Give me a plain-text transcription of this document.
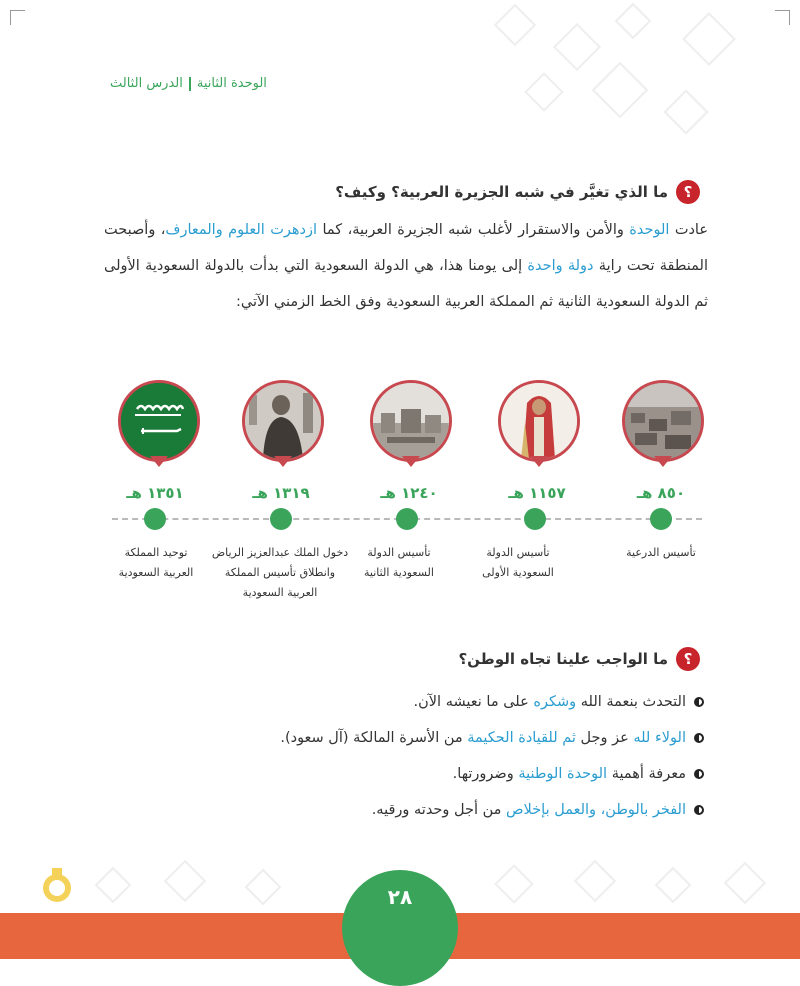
الوحدة الثانيةالدرس الثالث
؟
ما الذي تغيَّر في شبه الجزيرة العربية؟ وكيف؟
عادت الوحدة والأمن والاستقرار لأغلب شبه الجزيرة العربية، كما ازدهرت العلوم والمعارف، وأصبحت المنطقة تحت راية دولة واحدة إلى يومنا هذا، هي الدولة السعودية التي بدأت بالدولة السعودية الأولى ثم الدولة السعودية الثانية ثم المملكة العربية السعودية وفق الخط الزمني الآتي:
٨٥٠ هـ
١١٥٧ هـ
١٢٤٠ هـ
١٣١٩ هـ
١٣٥١ هـ
تأسيس الدرعية
تأسيس الدولة السعودية الأولى
تأسيس الدولة السعودية الثانية
دخول الملك عبدالعزيز الرياض وانطلاق تأسيس المملكة العربية السعودية
توحيد المملكة العربية السعودية
؟
ما الواجب علينا تجاه الوطن؟
التحدث بنعمة الله وشكره على ما نعيشه الآن.
الولاء لله عز وجل ثم للقيادة الحكيمة من الأسرة المالكة (آل سعود).
معرفة أهمية الوحدة الوطنية وضرورتها.
الفخر بالوطن، والعمل بإخلاص من أجل وحدته ورقيه.
٢٨
